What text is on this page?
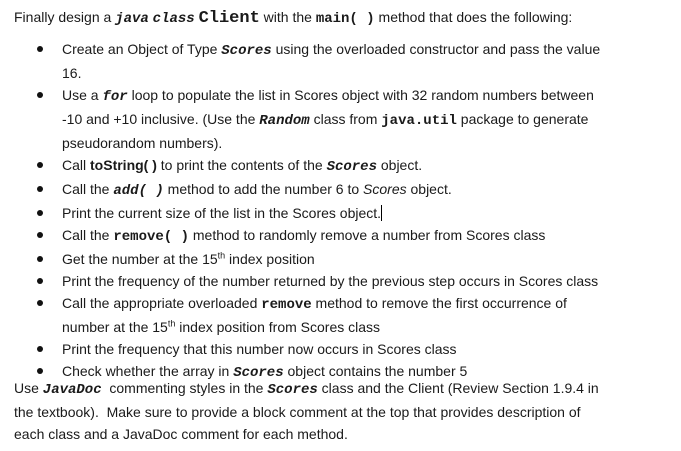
Finally design a java class Client with the main( ) method that does the following:
Create an Object of Type Scores using the overloaded constructor and pass the value
16.
Use a for loop to populate the list in Scores object with 32 random numbers between
-10 and +10 inclusive. (Use the Random class from java.util package to generate
pseudorandom numbers).
Call toString( ) to print the contents of the Scores object.
Call the add( ) method to add the number 6 to Scores object.
Print the current size of the list in the Scores object.
Call the remove( ) method to randomly remove a number from Scores class
Get the number at the 15th index position
Print the frequency of the number returned by the previous step occurs in Scores class
Call the appropriate overloaded remove method to remove the first occurrence of
number at the 15th index position from Scores class
Print the frequency that this number now occurs in Scores class
Check whether the array in Scores object contains the number 5
Use JavaDoc  commenting styles in the Scores class and the Client (Review Section 1.9.4 in
the textbook).  Make sure to provide a block comment at the top that provides description of
each class and a JavaDoc comment for each method.
